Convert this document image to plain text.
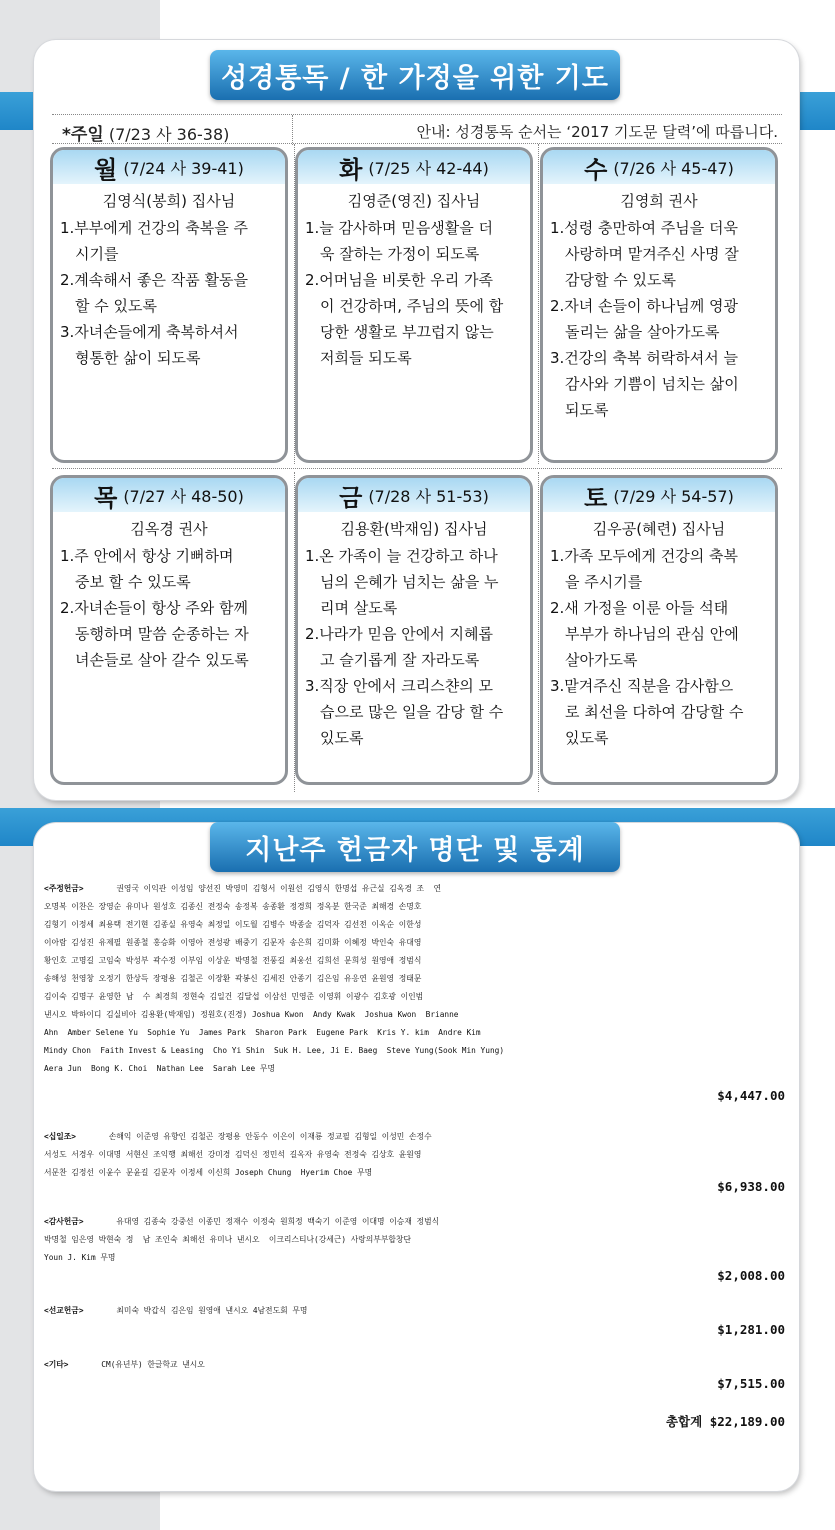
성경통독 / 한 가정을 위한 기도
*주일 (7/23 사 36-38)	안내: 성경통독 순서는 ‘2017 기도문 달력’에 따릅니다.
월 (7/24 사 39-41)
김영식(봉희) 집사님
1.부부에게 건강의 축복을 주
　시기를
2.계속해서 좋은 작품 활동을
　할 수 있도록
3.자녀손들에게 축복하셔서
　형통한 삶이 되도록
화 (7/25 사 42-44)
김영준(영진) 집사님
1.늘 감사하며 믿음생활을 더
　욱 잘하는 가정이 되도록
2.어머님을 비롯한 우리 가족
　이 건강하며, 주님의 뜻에 합
　당한 생활로 부끄럽지 않는
　저희들 되도록
수 (7/26 사 45-47)
김영희 권사
1.성령 충만하여 주님을 더욱
　사랑하며 맡겨주신 사명 잘
　감당할 수 있도록
2.자녀 손들이 하나님께 영광
　돌리는 삶을 살아가도록
3.건강의 축복 허락하셔서 늘
　감사와 기쁨이 넘치는 삶이
　되도록
목 (7/27 사 48-50)
김옥경 권사
1.주 안에서 항상 기뻐하며
　중보 할 수 있도록
2.자녀손들이 항상 주와 함께
　동행하며 말씀 순종하는 자
　녀손들로 살아 갈수 있도록
금 (7/28 사 51-53)
김용환(박재임) 집사님
1.온 가족이 늘 건강하고 하나
　님의 은혜가 넘치는 삶을 누
　리며 살도록
2.나라가 믿음 안에서 지혜롭
　고 슬기롭게 잘 자라도록
3.직장 안에서 크리스챤의 모
　습으로 많은 일을 감당 할 수
　있도록
토 (7/29 사 54-57)
김우공(혜련) 집사님
1.가족 모두에게 건강의 축복
　을 주시기를
2.새 가정을 이룬 아들 석태
　부부가 하나님의 관심 안에
　살아가도록
3.맡겨주신 직분을 감사함으
　로 최선을 다하여 감당할 수
　있도록
지난주 헌금자 명단 및 통계
<주정헌금>       권영국 이익관 이성임 양선진 박영미 김형서 이원선 김영식 한명섭 유근실 김옥경 조  연
오명복 이찬은 장영순 유미나 원성호 김종신 전정숙 송정복 송종환 정경희 정옥분 한국준 최해경 손명호
김형기 이정세 최용택 전기현 김종실 유영숙 최정일 이도월 김병수 박종술 김덕자 김선전 이옥순 이한성
이아람 김성진 유제필 원종철 홍승화 이영아 전성광 배중기 김문자 송은희 김미화 이혜정 박인숙 유대영
황인호 고명길 고임숙 박성부 곽수정 이부임 이상운 박명철 전풍길 최웅선 김희선 문희성 원영애 정범식
송해성 천영창 오정기 한상득 장평용 김철곤 이장환 곽봉신 김세진 안종기 김은임 유응연 윤원영 정태문
김이숙 김명구 윤영한 남  수 최경희 정현숙 김일건 김달섭 이삼선 민영준 이영휘 이광수 김호광 이인범
낸시오 박하이디 김실비아 김용환(박재임) 정원호(진경) Joshua Kwon  Andy Kwak  Joshua Kwon  Brianne
Ahn  Amber Selene Yu  Sophie Yu  James Park  Sharon Park  Eugene Park  Kris Y. kim  Andre Kim
Mindy Chon  Faith Invest & Leasing  Cho Yi Shin  Suk H. Lee, Ji E. Baeg  Steve Yung(Sook Min Yung)
Aera Jun  Bong K. Choi  Nathan Lee  Sarah Lee 무명
$4,447.00
<십일조>       손해익 이준영 유향인 김철곤 장평용 안동수 이은이 이재룡 정교필 김형일 이성민 손정수
서성도 서경우 이대명 서현신 조익행 최해선 강미경 김덕신 정민석 길옥자 유영숙 전정숙 김상호 윤원영
서문찬 김정선 이윤수 문윤길 김문자 이정세 이신희 Joseph Chung  Hyerim Choe 무명
$6,938.00
<감사헌금>       유대영 김종숙 강중선 이종민 정재수 이정숙 원희정 백숙기 이준영 이대명 이승재 정범식
박명철 임은영 박현숙 정  남 조인숙 최해선 유미나 낸시오  이크리스티나(강세근) 사랑의부부합창단
Youn J. Kim 무명
$2,008.00
<선교헌금>       최미숙 박갑식 김은임 원영애 낸시오 4남전도회 무명
$1,281.00
<기타>       CM(유년부) 한글학교 낸시오
$7,515.00
총합계 $22,189.00
